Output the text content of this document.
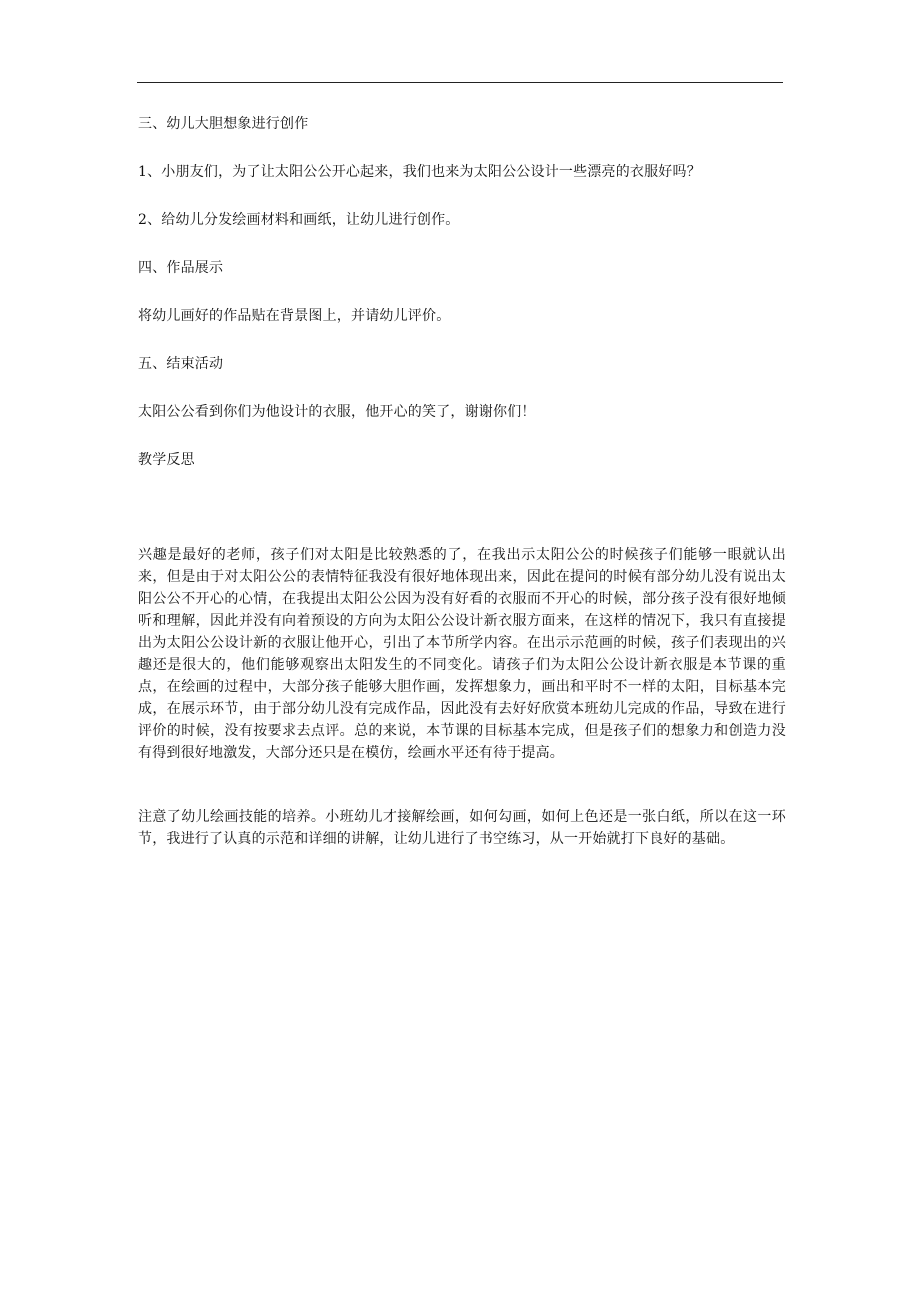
三、幼儿大胆想象进行创作
1、小朋友们，为了让太阳公公开心起来，我们也来为太阳公公设计一些漂亮的衣服好吗？
2、给幼儿分发绘画材料和画纸，让幼儿进行创作。
四、作品展示
将幼儿画好的作品贴在背景图上，并请幼儿评价。
五、结束活动
太阳公公看到你们为他设计的衣服，他开心的笑了，谢谢你们！
教学反思
兴趣是最好的老师，孩子们对太阳是比较熟悉的了，在我出示太阳公公的时候孩子们能够一眼就认出来，但是由于对太阳公公的表情特征我没有很好地体现出来，因此在提问的时候有部分幼儿没有说出太阳公公不开心的心情，在我提出太阳公公因为没有好看的衣服而不开心的时候，部分孩子没有很好地倾听和理解，因此并没有向着预设的方向为太阳公公设计新衣服方面来，在这样的情况下，我只有直接提出为太阳公公设计新的衣服让他开心，引出了本节所学内容。在出示示范画的时候，孩子们表现出的兴趣还是很大的，他们能够观察出太阳发生的不同变化。请孩子们为太阳公公设计新衣服是本节课的重点，在绘画的过程中，大部分孩子能够大胆作画，发挥想象力，画出和平时不一样的太阳，目标基本完成，在展示环节，由于部分幼儿没有完成作品，因此没有去好好欣赏本班幼儿完成的作品，导致在进行评价的时候，没有按要求去点评。总的来说，本节课的目标基本完成，但是孩子们的想象力和创造力没有得到很好地激发，大部分还只是在模仿，绘画水平还有待于提高。
注意了幼儿绘画技能的培养。小班幼儿才接解绘画，如何勾画，如何上色还是一张白纸，所以在这一环节，我进行了认真的示范和详细的讲解，让幼儿进行了书空练习，从一开始就打下良好的基础。
